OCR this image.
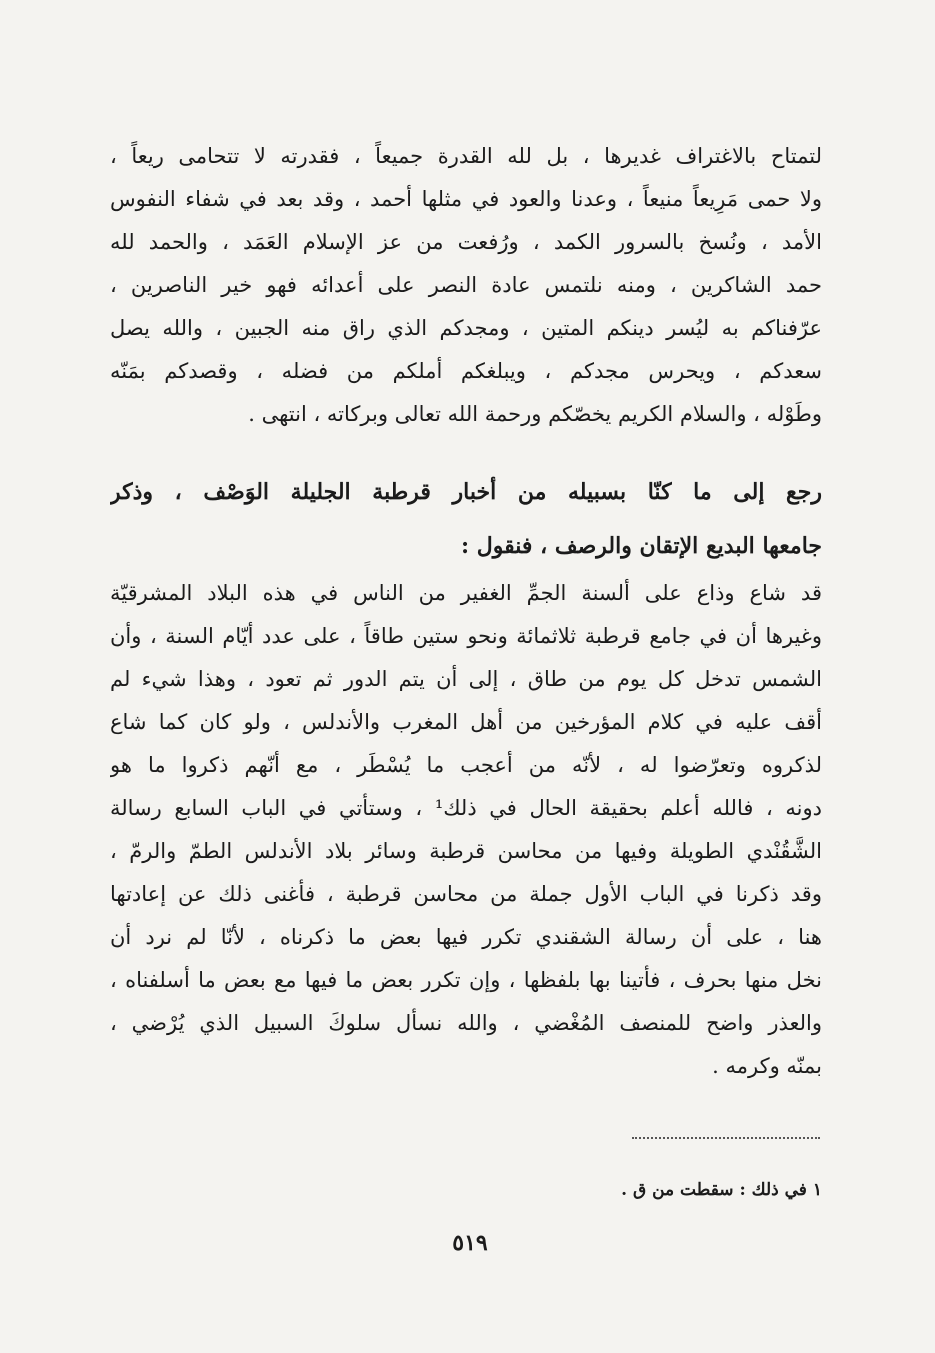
لتمتاح بالاغتراف غديرها ، بل لله القدرة جميعاً ، فقدرته لا تتحامى ريعاً ،
ولا حمى مَرِيعاً منيعاً ، وعدنا والعود في مثلها أحمد ، وقد بعد في شفاء النفوس
الأمد ، ونُسخ بالسرور الكمد ، ورُفعت من عز الإسلام العَمَد ، والحمد لله
حمد الشاكرين ، ومنه نلتمس عادة النصر على أعدائه فهو خير الناصرين ،
عرّفناكم به ليُسر دينكم المتين ، ومجدكم الذي راق منه الجبين ، والله يصل
سعدكم ، ويحرس مجدكم ، ويبلغكم أملكم من فضله ، وقصدكم بمَنّه
وطَوْله ، والسلام الكريم يخصّكم ورحمة الله تعالى وبركاته ، انتهى .
رجع إلى ما كنّا بسبيله من أخبار قرطبة الجليلة الوَصْف ، وذكر
جامعها البديع الإتقان والرصف ، فنقول :
قد شاع وذاع على ألسنة الجمِّ الغفير من الناس في هذه البلاد المشرقيّة
وغيرها أن في جامع قرطبة ثلاثمائة ونحو ستين طاقاً ، على عدد أيّام السنة ، وأن
الشمس تدخل كل يوم من طاق ، إلى أن يتم الدور ثم تعود ، وهذا شيء لم
أقف عليه في كلام المؤرخين من أهل المغرب والأندلس ، ولو كان كما شاع
لذكروه وتعرّضوا له ، لأنّه من أعجب ما يُسْطَر ، مع أنّهم ذكروا ما هو
دونه ، فالله أعلم بحقيقة الحال في ذلك¹ ، وستأتي في الباب السابع رسالة
الشَّقُنْدي الطويلة وفيها من محاسن قرطبة وسائر بلاد الأندلس الطمّ والرمّ ،
وقد ذكرنا في الباب الأول جملة من محاسن قرطبة ، فأغنى ذلك عن إعادتها
هنا ، على أن رسالة الشقندي تكرر فيها بعض ما ذكرناه ، لأنّا لم نرد أن
نخل منها بحرف ، فأتينا بها بلفظها ، وإن تكرر بعض ما فيها مع بعض ما أسلفناه ،
والعذر واضح للمنصف المُغْضي ، والله نسأل سلوكَ السبيل الذي يُرْضي ،
بمنّه وكرمه .
١ في ذلك : سقطت من ق .
٥١٩
